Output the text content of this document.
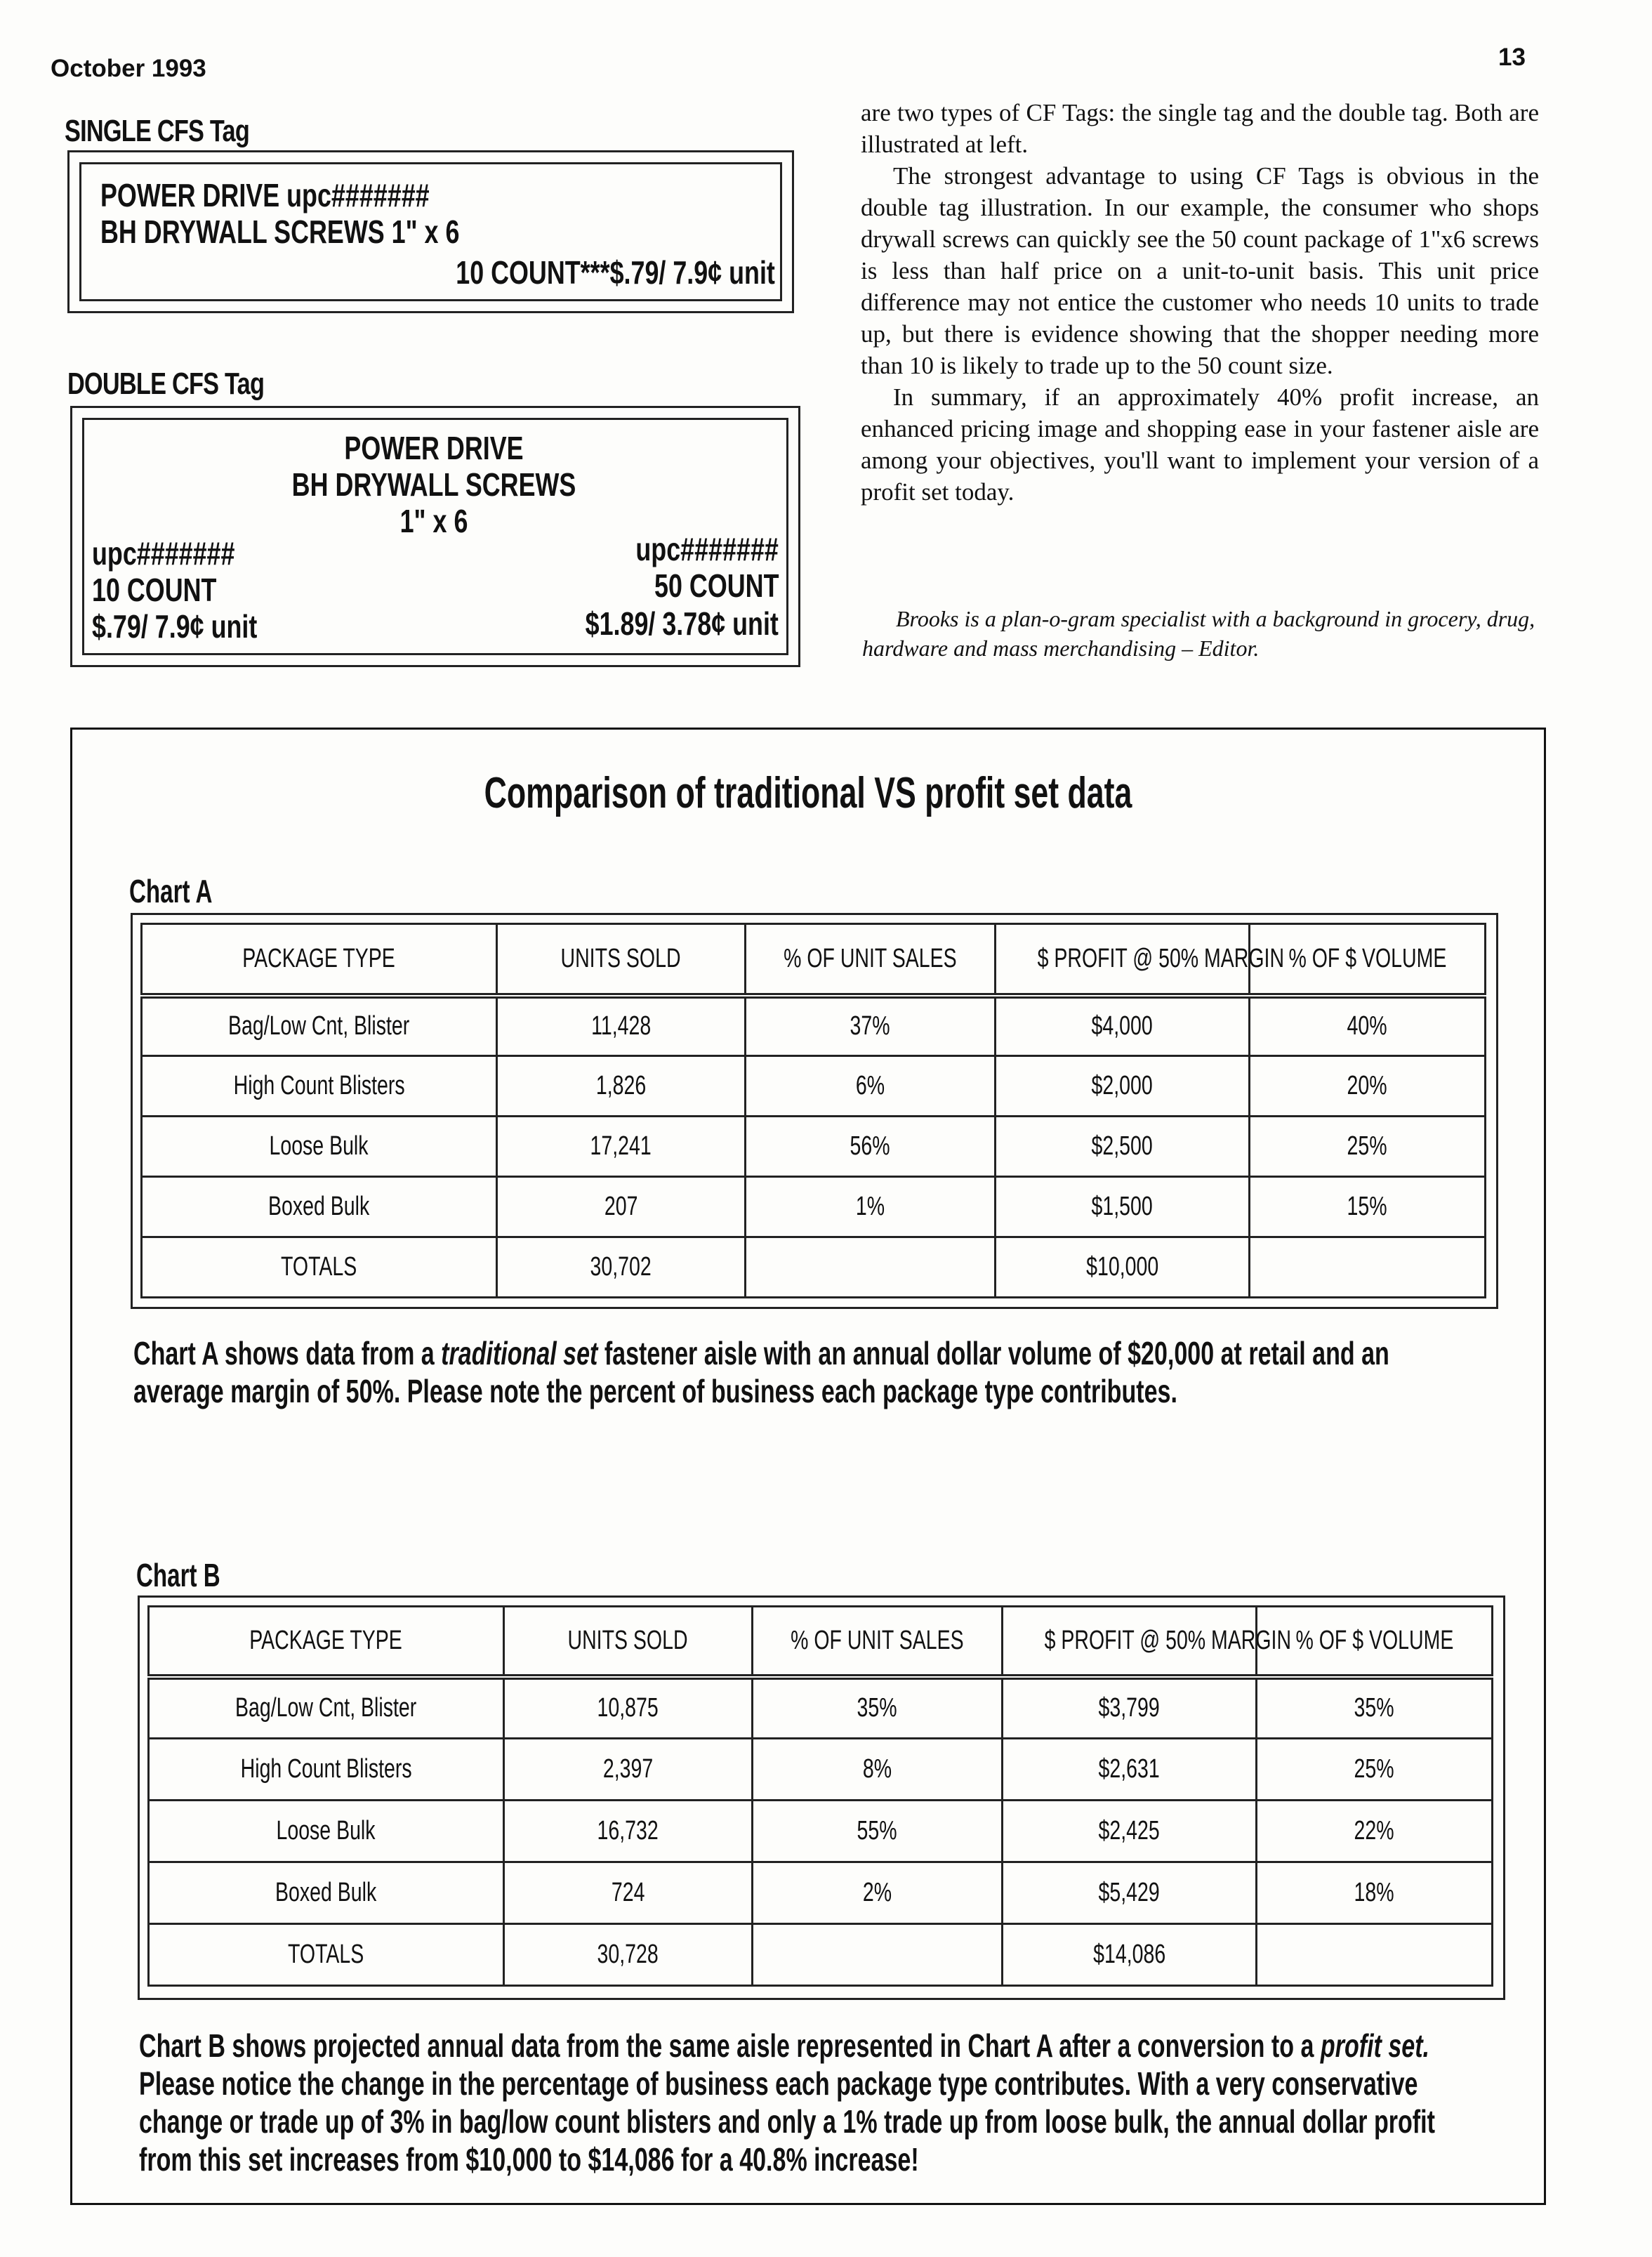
October 1993	13
SINGLE CFS Tag
POWER DRIVE upc#######
BH DRYWALL SCREWS 1" x 6
10 COUNT***$.79/ 7.9¢ unit
DOUBLE CFS Tag
POWER DRIVE
BH DRYWALL SCREWS
1" x 6
upc#######
10 COUNT
$.79/ 7.9¢ unit
upc#######
50 COUNT
$1.89/ 3.78¢ unit

are two types of CF Tags: the single tag and the double tag. Both are illustrated at left.

The strongest advantage to using CF Tags is obvious in the double tag illustration. In our example, the consumer who shops drywall screws can quickly see the 50 count package of 1"x6 screws is less than half price on a unit-to-unit basis. This unit price difference may not entice the customer who needs 10 units to trade up, but there is evidence showing that the shopper needing more than 10 is likely to trade up to the 50 count size.

In summary, if an approximately 40% profit increase, an enhanced pricing image and shopping ease in your fastener aisle are among your objectives, you'll want to implement your version of a profit set today.

Brooks is a plan-o-gram specialist with a background in grocery, drug, hardware and mass merchandising – Editor.
Comparison of traditional VS profit set data
Chart A
PACKAGE TYPE	UNITS SOLD	% OF UNIT SALES	$ PROFIT @ 50% MARGIN	% OF $ VOLUME
Bag/Low Cnt, Blister	11,428	37%	$4,000	40%
High Count Blisters	1,826	6%	$2,000	20%
Loose Bulk	17,241	56%	$2,500	25%
Boxed Bulk	207	1%	$1,500	15%
TOTALS	30,702		$10,000	
Chart A shows data from a traditional set fastener aisle with an annual dollar volume of $20,000 at retail and an average margin of 50%. Please note the percent of business each package type contributes.
Chart B
PACKAGE TYPE	UNITS SOLD	% OF UNIT SALES	$ PROFIT @ 50% MARGIN	% OF $ VOLUME
Bag/Low Cnt, Blister	10,875	35%	$3,799	35%
High Count Blisters	2,397	8%	$2,631	25%
Loose Bulk	16,732	55%	$2,425	22%
Boxed Bulk	724	2%	$5,429	18%
TOTALS	30,728		$14,086	
Chart B shows projected annual data from the same aisle represented in Chart A after a conversion to a profit set. Please notice the change in the percentage of business each package type contributes. With a very conservative change or trade up of 3% in bag/low count blisters and only a 1% trade up from loose bulk, the annual dollar profit from this set increases from $10,000 to $14,086 for a 40.8% increase!
